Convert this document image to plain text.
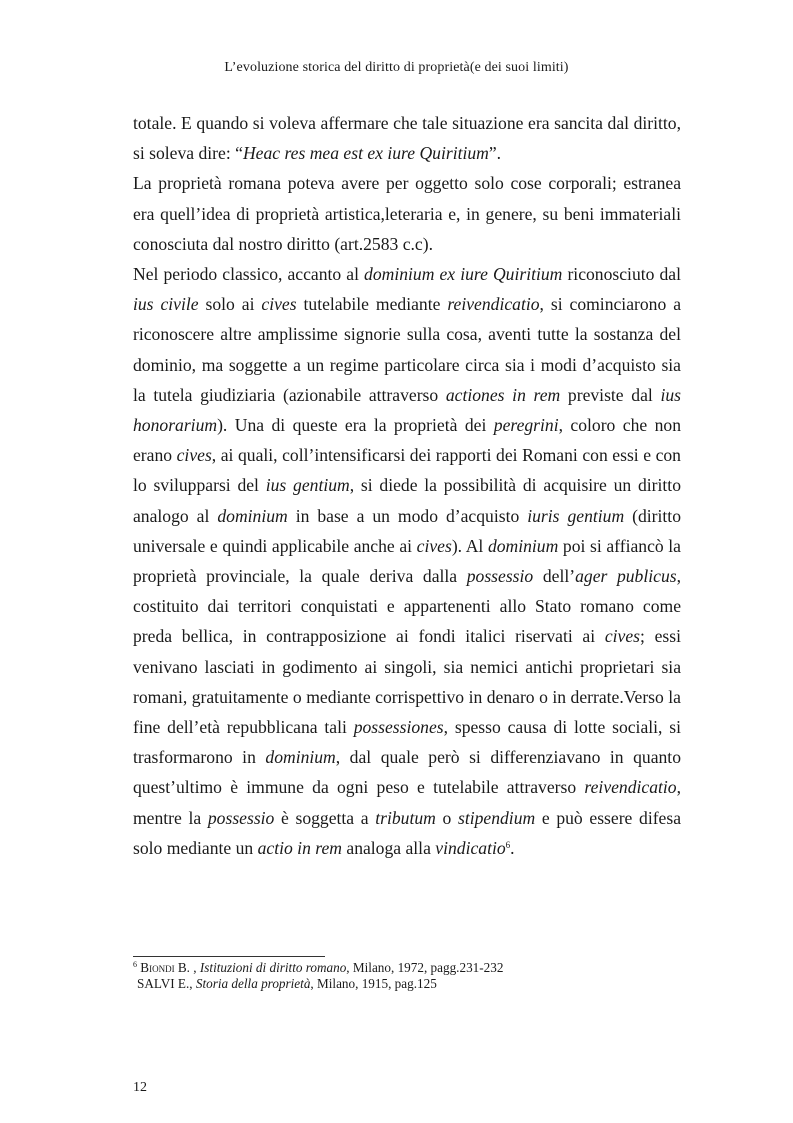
L’evoluzione storica del diritto di proprietà(e dei suoi limiti)

totale. E quando si voleva affermare che tale situazione era sancita dal diritto, si soleva dire: “Heac res mea est ex iure Quiritium”.

La proprietà romana poteva avere per oggetto solo cose corporali; estranea era quell’idea di proprietà artistica,leteraria e, in genere, su beni immateriali conosciuta dal nostro diritto (art.2583 c.c).

Nel periodo classico, accanto al dominium ex iure Quiritium riconosciuto dal ius civile solo ai cives tutelabile mediante reivendicatio, si cominciarono a riconoscere altre amplissime signorie sulla cosa, aventi tutte la sostanza del dominio, ma soggette a un regime particolare circa sia i modi d’acquisto sia la tutela giudiziaria (azionabile attraverso actiones in rem previste dal ius honorarium). Una di queste era la proprietà dei peregrini, coloro che non erano cives, ai quali, coll’intensificarsi dei rapporti dei Romani con essi e con lo svilupparsi del ius gentium, si diede la possibilità di acquisire un diritto analogo al dominium in base a un modo d’acquisto iuris gentium (diritto universale e quindi applicabile anche ai cives). Al dominium poi si affiancò la proprietà provinciale, la quale deriva dalla possessio dell’ager publicus, costituito dai territori conquistati e appartenenti allo Stato romano come preda bellica, in contrapposizione ai fondi italici riservati ai cives; essi venivano lasciati in godimento ai singoli, sia nemici antichi proprietari sia romani, gratuitamente o mediante corrispettivo in denaro o in derrate.Verso la fine dell’età repubblicana tali possessiones, spesso causa di lotte sociali, si trasformarono in dominium, dal quale però si differenziavano in quanto quest’ultimo è immune da ogni peso e tutelabile attraverso reivendicatio, mentre la possessio è soggetta a tributum o stipendium e può essere difesa solo mediante un actio in rem analoga alla vindicatio$^6$.

$^6$ Biondi B. , Istituzioni di diritto romano, Milano, 1972, pagg.231-232
SALVI E., Storia della proprietà, Milano, 1915, pag.125
12
